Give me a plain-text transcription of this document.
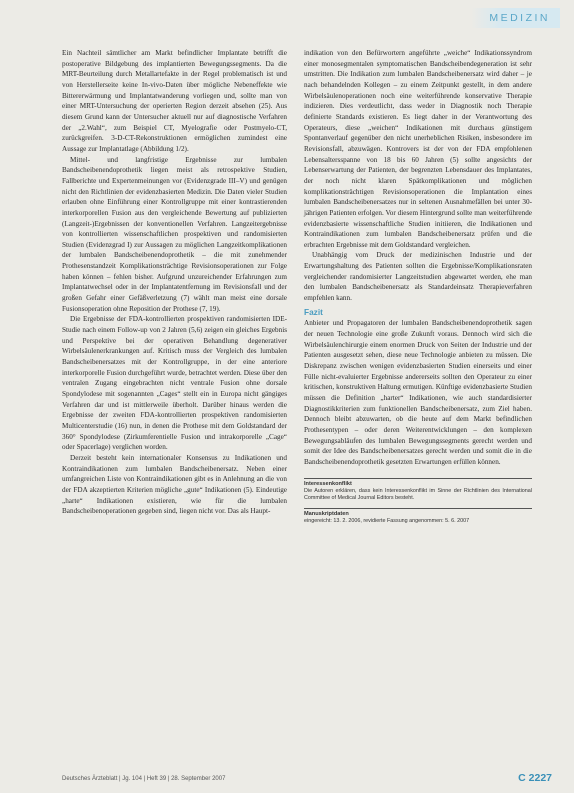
MEDIZIN

Ein Nachteil sämtlicher am Markt befindlicher Implantate betrifft die postoperative Bildgebung des implantierten Bewegungssegments. Da die MRT-Beurteilung durch Metallartefakte in der Regel problematisch ist und von Herstellerseite keine In-vivo-Daten über mögliche Nebeneffekte wie Bittererwärmung und Implantatwanderung vorliegen und, sollte man von einer MRT-Untersuchung der operierten Region derzeit absehen (25). Aus diesem Grund kann der Untersucher aktuell nur auf diagnostische Verfahren der „2.Wahl“, zum Beispiel CT, Myelografie oder Postmyelo-CT, zurückgreifen. 3-D-CT-Rekonstruktionen ermöglichen zumindest eine Aussage zur Implantatlage (Abbildung 1/2).

Mittel- und langfristige Ergebnisse zur lumbalen Bandscheibenendoprothetik liegen meist als retrospektive Studien, Fallberichte und Expertenmeinungen vor (Evidenzgrade III–V) und genügen nicht den Richtlinien der evidenzbasierten Medizin. Die Daten vieler Studien erlauben ohne Einführung einer Kontrollgruppe mit einer kontrastierenden interkorporellen Fusion aus den vergleichende Bewertung auf publizierten (Langzeit-)Ergebnissen der konventionellen Verfahren. Langzeitergebnisse von kontrollierten wissenschaftlichen prospektiven und randomisierten Studien (Evidenzgrad I) zur Aussagen zu möglichen Langzeitkomplikationen der lumbalen Bandscheibenendoprothetik – die mit zunehmender Prothesenstandzeit Komplikationsträchtige Revisionsoperationen zur Folge haben können – fehlen bisher. Aufgrund unzureichender Erfahrungen zum Implantatwechsel oder in der Implantatentfernung im Revisionsfall und der großen Gefahr einer Gefäßverletzung (7) wählt man meist eine dorsale Fusionsoperation ohne Reposition der Prothese (7, 19).

Die Ergebnisse der FDA-kontrollierten prospektiven randomisierten IDE-Studie nach einem Follow-up von 2 Jahren (5,6) zeigen ein gleiches Ergebnis und Perspektive bei der operativen Behandlung degenerativer Wirbelsäulenerkrankungen auf. Kritisch muss der Vergleich des lumbalen Bandscheibenersatzes mit der Kontrollgruppe, in der eine anteriore interkorporelle Fusion durchgeführt wurde, betrachtet werden. Diese über den ventralen Zugang eingebrachten nicht ventrale Fusion ohne dorsale Spondylodese mit sogenannten „Cages“ stellt ein in Europa nicht gängiges Verfahren dar und ist mittlerweile überholt. Darüber hinaus werden die Ergebnisse der zweiten FDA-kontrollierten prospektiven randomisierten Multicenterstudie (16) nun, in denen die Prothese mit dem Goldstandard der 360° Spondylodese (Zirkumferentielle Fusion und intrakorporelle „Cage“ oder Spacerlage) verglichen worden.

Derzeit besteht kein internationaler Konsensus zu Indikationen und Kontraindikationen zum lumbalen Bandscheibenersatz. Neben einer umfangreichen Liste von Kontraindikationen gibt es in Anlehnung an die von der FDA akzeptierten Kriterien mögliche „gute“ Indikationen (5). Eindeutige „harte“ Indikationen existieren, wie für die lumbalen Bandscheibenoperationen gegeben sind, liegen nicht vor. Das als Haupt-

indikation von den Befürwortern angeführte „weiche“ Indikationssyndrom einer monosegmentalen symptomatischen Bandscheibendegeneration ist sehr umstritten. Die Indikation zum lumbalen Bandscheibenersatz wird daher – je nach behandelnden Kollegen – zu einem Zeitpunkt gestellt, in dem andere Wirbelsäulenoperationen noch eine weiterführende konservative Therapie indizieren. Dies verdeutlicht, dass weder in Diagnostik noch Therapie definierte Standards existieren. Es liegt daher in der Verantwortung des Operateurs, diese „weichen“ Indikationen mit durchaus günstigem Spontanverlauf gegenüber den nicht unerheblichen Risiken, insbesondere im Revisionsfall, abzuwägen. Kontrovers ist der von der FDA empfohlenen Lebensaltersspanne von 18 bis 60 Jahren (5) sollte angesichts der Lebenserwartung der Patienten, der begrenzten Lebensdauer des Implantates, der noch nicht klaren Spätkomplikationen und möglichen komplikationsträchtigen Revisionsoperationen die Implantation eines lumbalen Bandscheibenersatzes nur in seltenen Ausnahmefällen bei unter 30-jährigen Patienten erfolgen. Vor diesem Hintergrund sollte man weiterführende evidenzbasierte wissenschaftliche Studien initiieren, die Indikationen und Kontraindikationen zum lumbalen Bandscheibenersatz prüfen und die erbrachten Ergebnisse mit dem Goldstandard vergleichen.

Unabhängig vom Druck der medizinischen Industrie und der Erwartungshaltung des Patienten sollten die Ergebnisse/Komplikationsraten vergleichender randomisierter Langzeitstudien abgewartet werden, ehe man den lumbalen Bandscheibenersatz als Standardeinsatz Therapieverfahren empfehlen kann.

Fazit

Anbieter und Propagatoren der lumbalen Bandscheibenendoprothetik sagen der neuen Technologie eine große Zukunft voraus. Dennoch wird sich die Wirbelsäulenchirurgie einem enormen Druck von Seiten der Industrie und der Patienten ausgesetzt sehen, diese neue Technologie anbieten zu müssen. Die Diskrepanz zwischen wenigen evidenzbasierten Studien einerseits und einer Fülle nicht-evaluierter Ergebnisse andererseits sollten den Operateur zu einer kritischen, konstruktiven Haltung ermutigen. Künftige evidenzbasierte Studien müssen die Definition „harter“ Indikationen, wie auch standardisierter Diagnostikkriterien zum funktionellen Bandscheibenersatz, zum Ziel haben. Dennoch bleibt abzuwarten, ob die heute auf dem Markt befindlichen Prothesentypen – oder deren Weiterentwicklungen – den komplexen Bewegungsabläufen des lumbalen Bewegungssegments gerecht werden und somit der Idee des Bandscheibenersatzes gerecht werden und somit die in die Bandscheibenendoprothetik gesetzten Erwartungen erfüllen können.

Interessenkonflikt
Die Autoren erklären, dass kein Interessenkonflikt im Sinne der Richtlinien des International Committee of Medical Journal Editors besteht.
Manuskriptdaten
eingereicht: 13. 2. 2006, revidierte Fassung angenommen: 5. 6. 2007
Deutsches Ärzteblatt | Jg. 104 | Heft 39 | 28. September 2007	C 2227
